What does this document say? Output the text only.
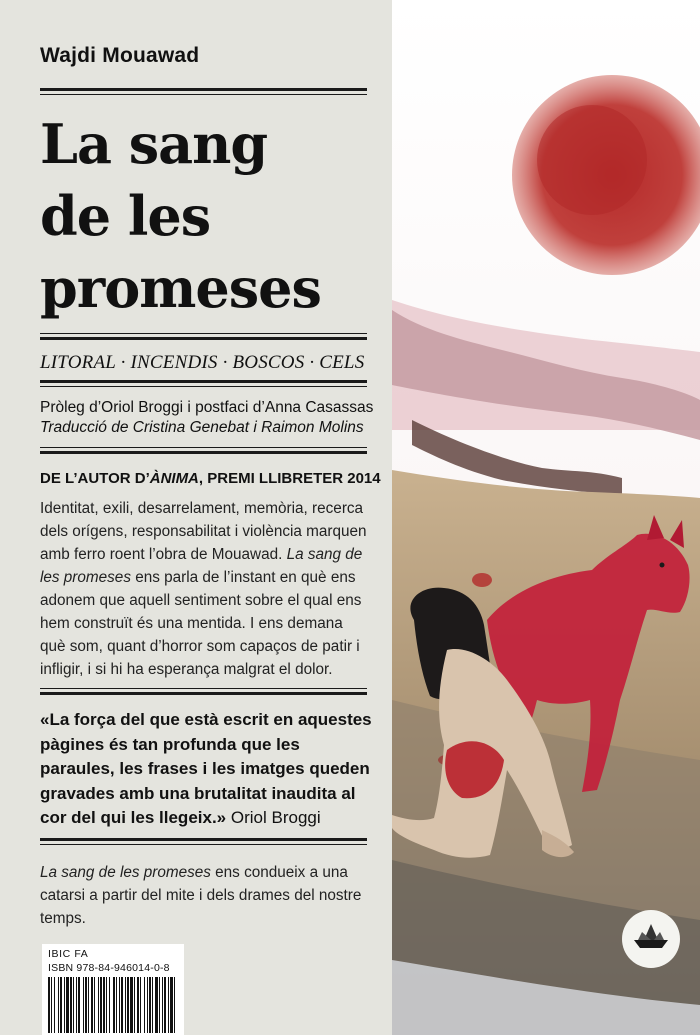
Wajdi Mouawad
La sang
de les
promeses
LITORAL · INCENDIS · BOSCOS · CELS
Pròleg d’Oriol Broggi i postfaci d’Anna Casassas
Traducció de Cristina Genebat i Raimon Molins
DE L’AUTOR D’ÀNIMA, PREMI LLIBRETER 2014
Identitat, exili, desarrelament, memòria, recerca dels orígens, responsabilitat i violència marquen amb ferro roent l’obra de Mouawad. La sang de les promeses ens parla de l’instant en què ens adonem que aquell sentiment sobre el qual ens hem construït és una mentida. I ens demana què som, quant d’horror som capaços de patir i infligir, i si hi ha esperança malgrat el dolor.
«La força del que està escrit en aquestes pàgines és tan profunda que les paraules, les frases i les imatges queden gravades amb una brutalitat inaudita al cor del qui les llegeix.» Oriol Broggi
La sang de les promeses ens condueix a una catarsi a partir del mite i dels drames del nostre temps.
IBIC FA
ISBN 978-84-946014-0-8
